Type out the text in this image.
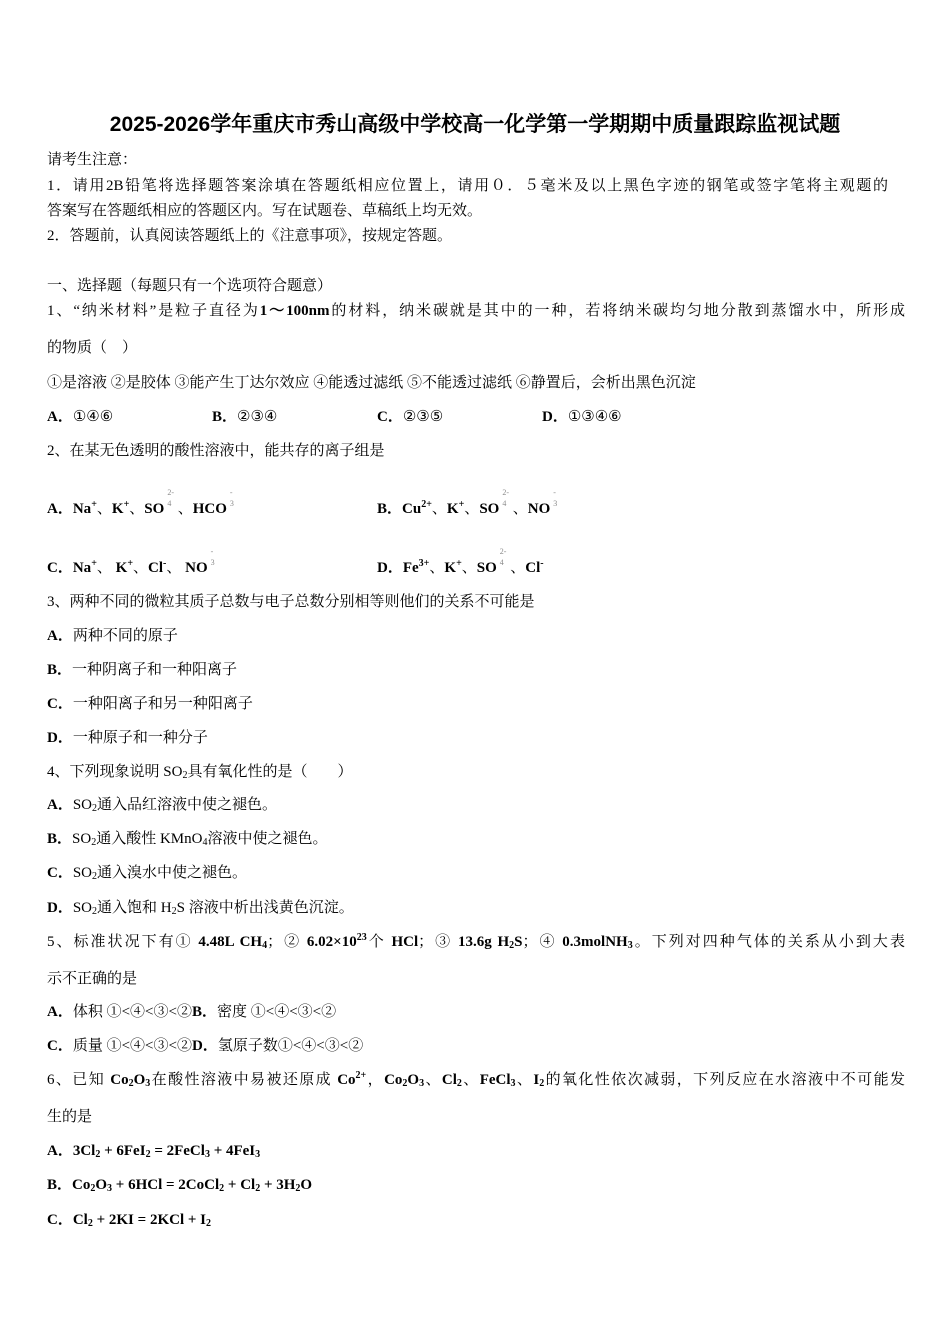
2025-2026学年重庆市秀山高级中学校高一化学第一学期期中质量跟踪监视试题
请考生注意：
1．请用2B铅笔将选择题答案涂填在答题纸相应位置上，请用０．５毫米及以上黑色字迹的钢笔或签字笔将主观题的
答案写在答题纸相应的答题区内。写在试题卷、草稿纸上均无效。
2．答题前，认真阅读答题纸上的《注意事项》，按规定答题。
一、选择题（每题只有一个选项符合题意）
1、“纳米材料”是粒子直径为1～100nm的材料，纳米碳就是其中的一种，若将纳米碳均匀地分散到蒸馏水中，所形成
的物质（　）
①是溶液 ②是胶体 ③能产生丁达尔效应 ④能透过滤纸 ⑤不能透过滤纸 ⑥静置后，会析出黑色沉淀
A．①④⑥	B．②③④	C．②③⑤	D．①③④⑥
2、在某无色透明的酸性溶液中，能共存的离子组是
A．Na+、K+、SO
2-
4 、HCO
-
3	B．$Cu^{2+}$、K+、SO
2-
4 、NO
-
3
C．Na+、 K+、Cl-、 NO
-
3	D．$Fe^{3+}$、K+、SO
2-
4 、Cl-
3、两种不同的微粒其质子总数与电子总数分别相等则他们的关系不可能是
A．两种不同的原子
B．一种阴离子和一种阳离子
C．一种阳离子和另一种阳离子
D．一种原子和一种分子
4、下列现象说明 $SO_2$具有氧化性的是（　　）
A．$SO_2$通入品红溶液中使之褪色。
B．$SO_2$通入酸性 KMnO$_4$溶液中使之褪色。
C．$SO_2$通入溴水中使之褪色。
D．$SO_2$通入饱和 $H_2S$ 溶液中析出浅黄色沉淀。
5、标准状况下有① 4.48L $CH_4$；② $6.02\times 10^{23}$个 HCl；③ 13.6g $H_2S$；④ 0.3molNH$_3$。下列对四种气体的关系从小到大表
示不正确的是
A．体积 ①<④<③<②B．密度 ①<④<③<②
C．质量 ①<④<③<②D．氢原子数①<④<③<②
6、已知 $Co_2O_3$在酸性溶液中易被还原成 $Co^{2+}$，$Co_2O_3$、$Cl_2$、FeCl$_3$、$I_2$的氧化性依次减弱，下列反应在水溶液中不可能发
生的是
A．$3Cl_2 + 6FeI_2$ = 2FeCl$_3$ + 4FeI$_3$
B．$Co_2O_3 + 6HCl$ = 2CoCl$_2$ + $Cl_2 + 3H_2O$
C．$Cl_2 + 2KI = 2KCl + I_2$
